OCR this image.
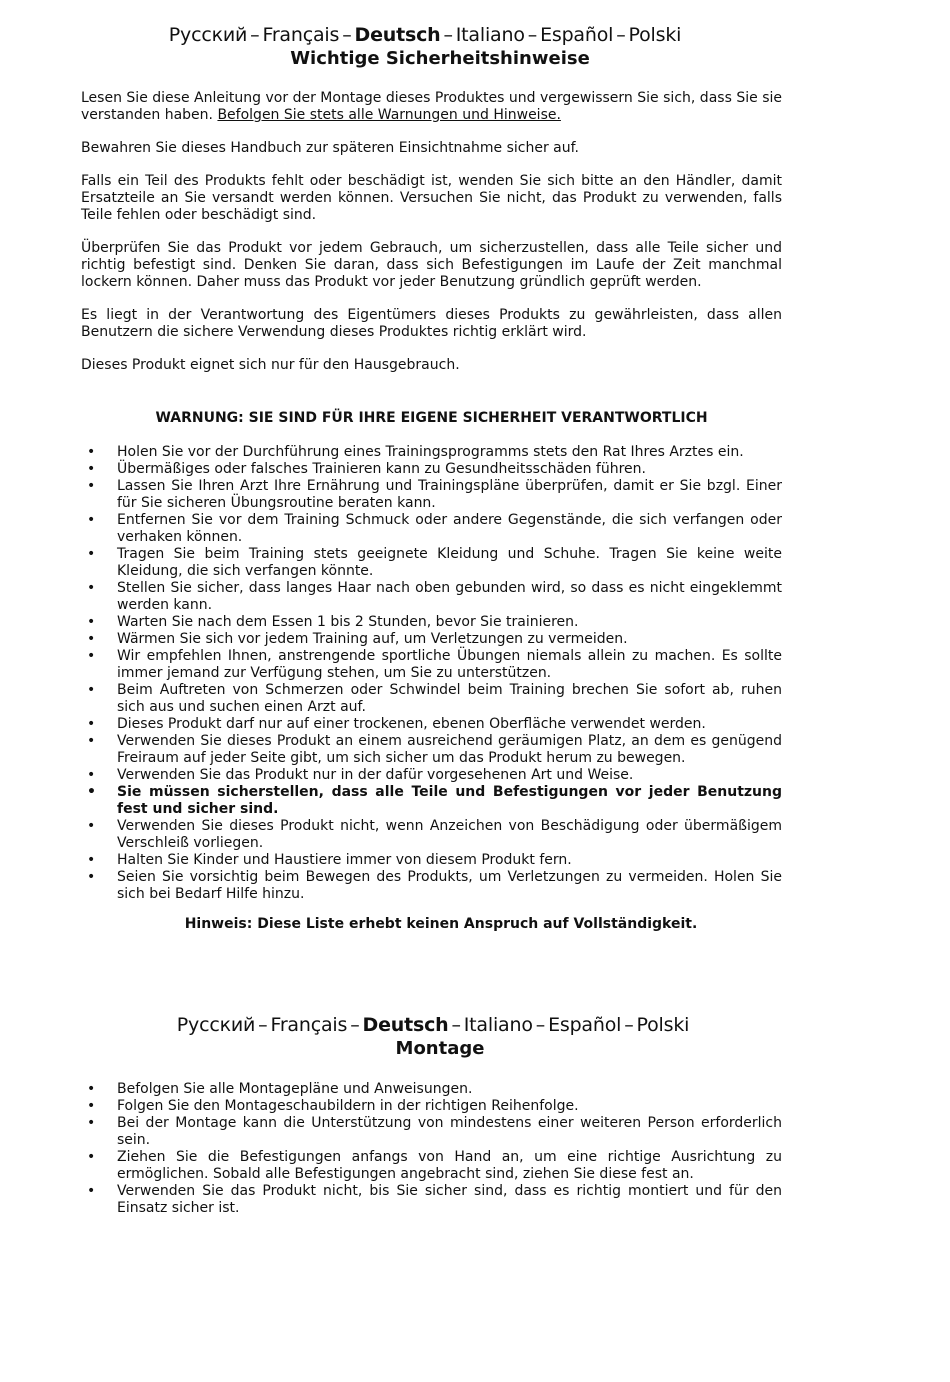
Русский – Français – Deutsch – Italiano – Español – Polski
Wichtige Sicherheitshinweise

Lesen Sie diese Anleitung vor der Montage dieses Produktes und vergewissern Sie sich, dass Sie sie verstanden haben. Befolgen Sie stets alle Warnungen und Hinweise.

Bewahren Sie dieses Handbuch zur späteren Einsichtnahme sicher auf.

Falls ein Teil des Produkts fehlt oder beschädigt ist, wenden Sie sich bitte an den Händler, damit Ersatzteile an Sie versandt werden können. Versuchen Sie nicht, das Produkt zu verwenden, falls Teile fehlen oder beschädigt sind.

Überprüfen Sie das Produkt vor jedem Gebrauch, um sicherzustellen, dass alle Teile sicher und richtig befestigt sind. Denken Sie daran, dass sich Befestigungen im Laufe der Zeit manchmal lockern können. Daher muss das Produkt vor jeder Benutzung gründlich geprüft werden.

Es liegt in der Verantwortung des Eigentümers dieses Produkts zu gewährleisten, dass allen Benutzern die sichere Verwendung dieses Produktes richtig erklärt wird.

Dieses Produkt eignet sich nur für den Hausgebrauch.

WARNUNG: SIE SIND FÜR IHRE EIGENE SICHERHEIT VERANTWORTLICH
• Holen Sie vor der Durchführung eines Trainingsprogramms stets den Rat Ihres Arztes ein.
• Übermäßiges oder falsches Trainieren kann zu Gesundheitsschäden führen.
• Lassen Sie Ihren Arzt Ihre Ernährung und Trainingspläne überprüfen, damit er Sie bzgl. Einer für Sie sicheren Übungsroutine beraten kann.
• Entfernen Sie vor dem Training Schmuck oder andere Gegenstände, die sich verfangen oder verhaken können.
• Tragen Sie beim Training stets geeignete Kleidung und Schuhe. Tragen Sie keine weite Kleidung, die sich verfangen könnte.
• Stellen Sie sicher, dass langes Haar nach oben gebunden wird, so dass es nicht eingeklemmt werden kann.
• Warten Sie nach dem Essen 1 bis 2 Stunden, bevor Sie trainieren.
• Wärmen Sie sich vor jedem Training auf, um Verletzungen zu vermeiden.
• Wir empfehlen Ihnen, anstrengende sportliche Übungen niemals allein zu machen. Es sollte immer jemand zur Verfügung stehen, um Sie zu unterstützen.
• Beim Auftreten von Schmerzen oder Schwindel beim Training brechen Sie sofort ab, ruhen sich aus und suchen einen Arzt auf.
• Dieses Produkt darf nur auf einer trockenen, ebenen Oberfläche verwendet werden.
• Verwenden Sie dieses Produkt an einem ausreichend geräumigen Platz, an dem es genügend Freiraum auf jeder Seite gibt, um sich sicher um das Produkt herum zu bewegen.
• Verwenden Sie das Produkt nur in der dafür vorgesehenen Art und Weise.
• Sie müssen sicherstellen, dass alle Teile und Befestigungen vor jeder Benutzung fest und sicher sind.
• Verwenden Sie dieses Produkt nicht, wenn Anzeichen von Beschädigung oder übermäßigem Verschleiß vorliegen.
• Halten Sie Kinder und Haustiere immer von diesem Produkt fern.
• Seien Sie vorsichtig beim Bewegen des Produkts, um Verletzungen zu vermeiden. Holen Sie sich bei Bedarf Hilfe hinzu.
Hinweis: Diese Liste erhebt keinen Anspruch auf Vollständigkeit.
Русский – Français – Deutsch – Italiano – Español – Polski
Montage
• Befolgen Sie alle Montagepläne und Anweisungen.
• Folgen Sie den Montageschaubildern in der richtigen Reihenfolge.
• Bei der Montage kann die Unterstützung von mindestens einer weiteren Person erforderlich sein.
• Ziehen Sie die Befestigungen anfangs von Hand an, um eine richtige Ausrichtung zu ermöglichen. Sobald alle Befestigungen angebracht sind, ziehen Sie diese fest an.
• Verwenden Sie das Produkt nicht, bis Sie sicher sind, dass es richtig montiert und für den Einsatz sicher ist.
